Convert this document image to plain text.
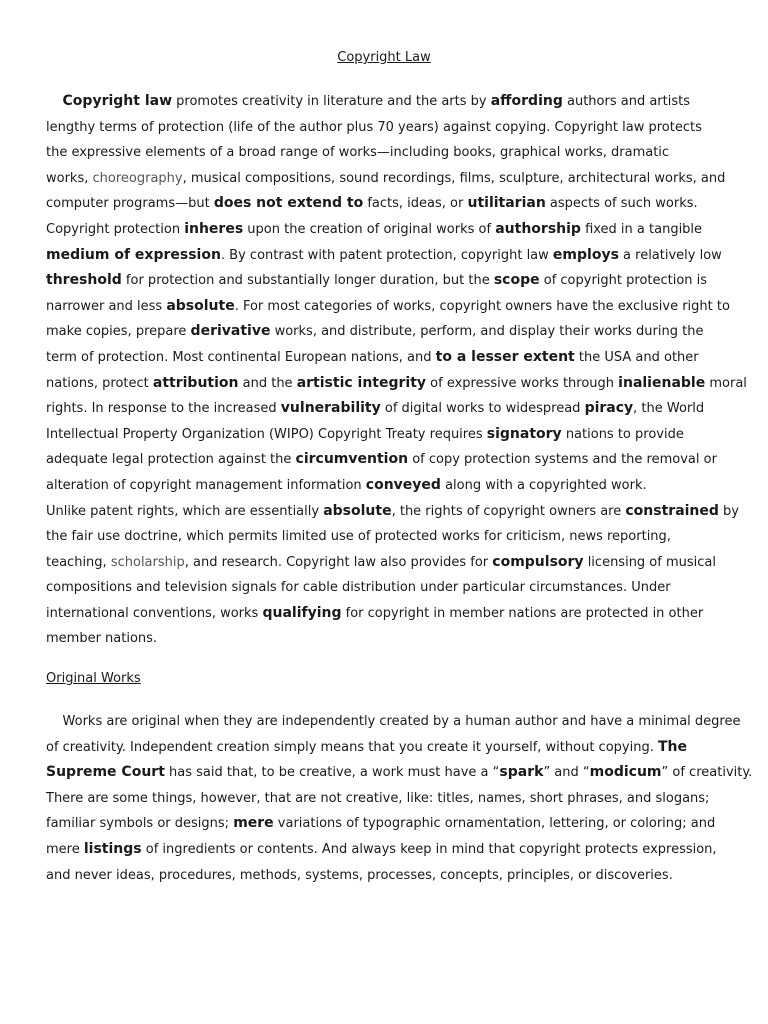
Copyright Law

Copyright law promotes creativity in literature and the arts by affording authors and artists
lengthy terms of protection (life of the author plus 70 years) against copying. Copyright law protects
the expressive elements of a broad range of works—including books, graphical works, dramatic
works, choreography, musical compositions, sound recordings, films, sculpture, architectural works, and
computer programs—but does not extend to facts, ideas, or utilitarian aspects of such works.
Copyright protection inheres upon the creation of original works of authorship fixed in a tangible
medium of expression. By contrast with patent protection, copyright law employs a relatively low
threshold for protection and substantially longer duration, but the scope of copyright protection is
narrower and less absolute. For most categories of works, copyright owners have the exclusive right to
make copies, prepare derivative works, and distribute, perform, and display their works during the
term of protection. Most continental European nations, and to a lesser extent the USA and other
nations, protect attribution and the artistic integrity of expressive works through inalienable moral
rights. In response to the increased vulnerability of digital works to widespread piracy, the World
Intellectual Property Organization (WIPO) Copyright Treaty requires signatory nations to provide
adequate legal protection against the circumvention of copy protection systems and the removal or
alteration of copyright management information conveyed along with a copyrighted work.
Unlike patent rights, which are essentially absolute, the rights of copyright owners are constrained by
the fair use doctrine, which permits limited use of protected works for criticism, news reporting,
teaching, scholarship, and research. Copyright law also provides for compulsory licensing of musical
compositions and television signals for cable distribution under particular circumstances. Under
international conventions, works qualifying for copyright in member nations are protected in other
member nations.

Original Works

Works are original when they are independently created by a human author and have a minimal degree
of creativity. Independent creation simply means that you create it yourself, without copying. The
Supreme Court has said that, to be creative, a work must have a “spark” and “modicum” of creativity.
There are some things, however, that are not creative, like: titles, names, short phrases, and slogans;
familiar symbols or designs; mere variations of typographic ornamentation, lettering, or coloring; and
mere listings of ingredients or contents. And always keep in mind that copyright protects expression,
and never ideas, procedures, methods, systems, processes, concepts, principles, or discoveries.
